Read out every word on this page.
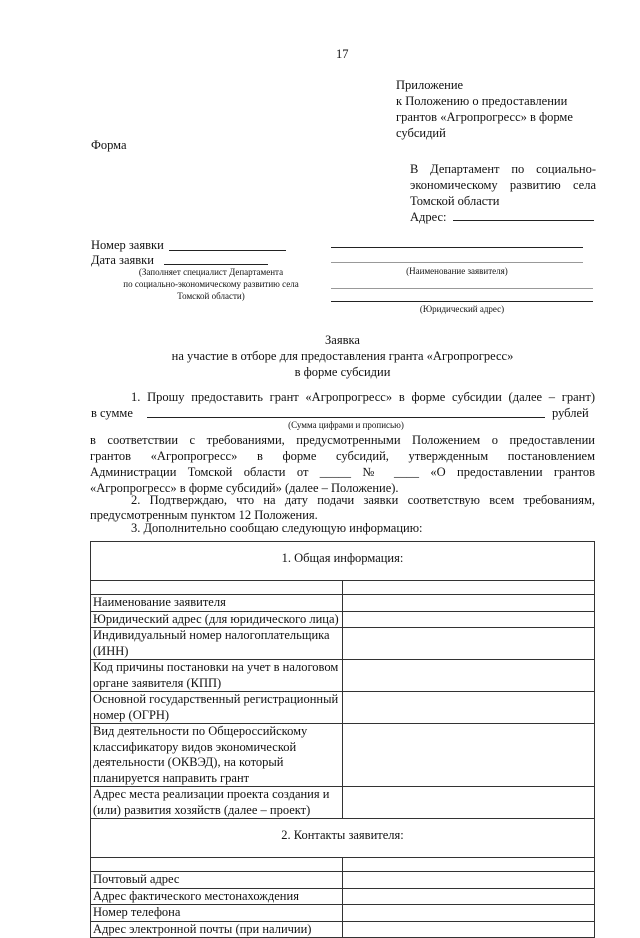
17
Приложение
к Положению о предоставлении
грантов «Агропрогресс» в форме
субсидий
Форма
В Департамент по социально-
экономическому развитию села
Томской области
Адрес:
Номер заявки
Дата заявки
(Заполняет специалист Департамента
по социально-экономическому развитию села
Томской области)
(Наименование заявителя)
(Юридический адрес)
Заявка
на участие в отборе для предоставления гранта «Агропрогресс»
в форме субсидии
1. Прошу предоставить грант «Агропрогресс» в форме субсидии (далее – грант)
в сумме	рублей
(Сумма цифрами и прописью)
в соответствии с требованиями, предусмотренными Положением о предоставлении
грантов «Агропрогресс» в форме субсидий, утвержденным постановлением
Администрации Томской области от _____ № ____ «О предоставлении грантов
«Агропрогресс» в форме субсидий» (далее – Положение).
2. Подтверждаю, что на дату подачи заявки соответствую всем требованиям,
предусмотренным пунктом 12 Положения.
3. Дополнительно сообщаю следующую информацию:
1. Общая информация:	

Наименование заявителя	
Юридический адрес (для юридического лица)	
Индивидуальный номер налогоплательщика (ИНН)	
Код причины постановки на учет в налоговом органе заявителя (КПП)	
Основной государственный регистрационный номер (ОГРН)	
Вид деятельности по Общероссийскому классификатору видов экономической деятельности (ОКВЭД), на который планируется направить грант	
Адрес места реализации проекта создания и (или) развития хозяйств (далее – проект)	
2. Контакты заявителя:	

Почтовый адрес	
Адрес фактического местонахождения	
Номер телефона	
Адрес электронной почты (при наличии)	
